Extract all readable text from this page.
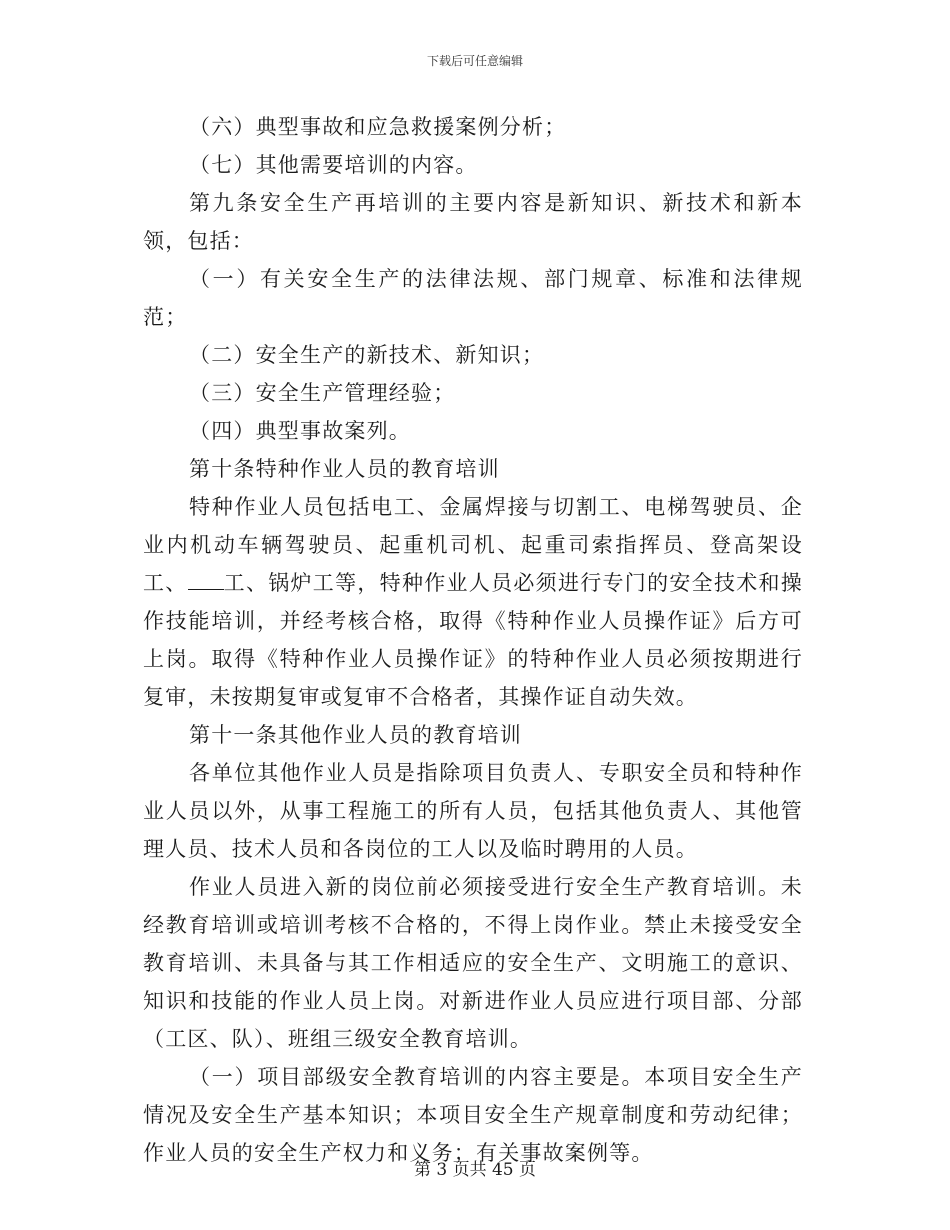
下载后可任意编辑

（六）典型事故和应急救援案例分析；

（七）其他需要培训的内容。

第九条安全生产再培训的主要内容是新知识、新技术和新本领，包括：

（一）有关安全生产的法律法规、部门规章、标准和法律规范；

（二）安全生产的新技术、新知识；

（三）安全生产管理经验；

（四）典型事故案列。

第十条特种作业人员的教育培训

特种作业人员包括电工、金属焊接与切割工、电梯驾驶员、企业内机动车辆驾驶员、起重机司机、起重司索指挥员、登高架设工、 工、锅炉工等，特种作业人员必须进行专门的安全技术和操作技能培训，并经考核合格，取得《特种作业人员操作证》后方可上岗。取得《特种作业人员操作证》的特种作业人员必须按期进行复审，未按期复审或复审不合格者，其操作证自动失效。

第十一条其他作业人员的教育培训

各单位其他作业人员是指除项目负责人、专职安全员和特种作业人员以外，从事工程施工的所有人员，包括其他负责人、其他管理人员、技术人员和各岗位的工人以及临时聘用的人员。

作业人员进入新的岗位前必须接受进行安全生产教育培训。未经教育培训或培训考核不合格的，不得上岗作业。禁止未接受安全教育培训、未具备与其工作相适应的安全生产、文明施工的意识、知识和技能的作业人员上岗。对新进作业人员应进行项目部、分部（工区、队）、班组三级安全教育培训。

（一）项目部级安全教育培训的内容主要是。本项目安全生产情况及安全生产基本知识；本项目安全生产规章制度和劳动纪律；作业人员的安全生产权力和义务；有关事故案例等。

第 3 页共 45 页
